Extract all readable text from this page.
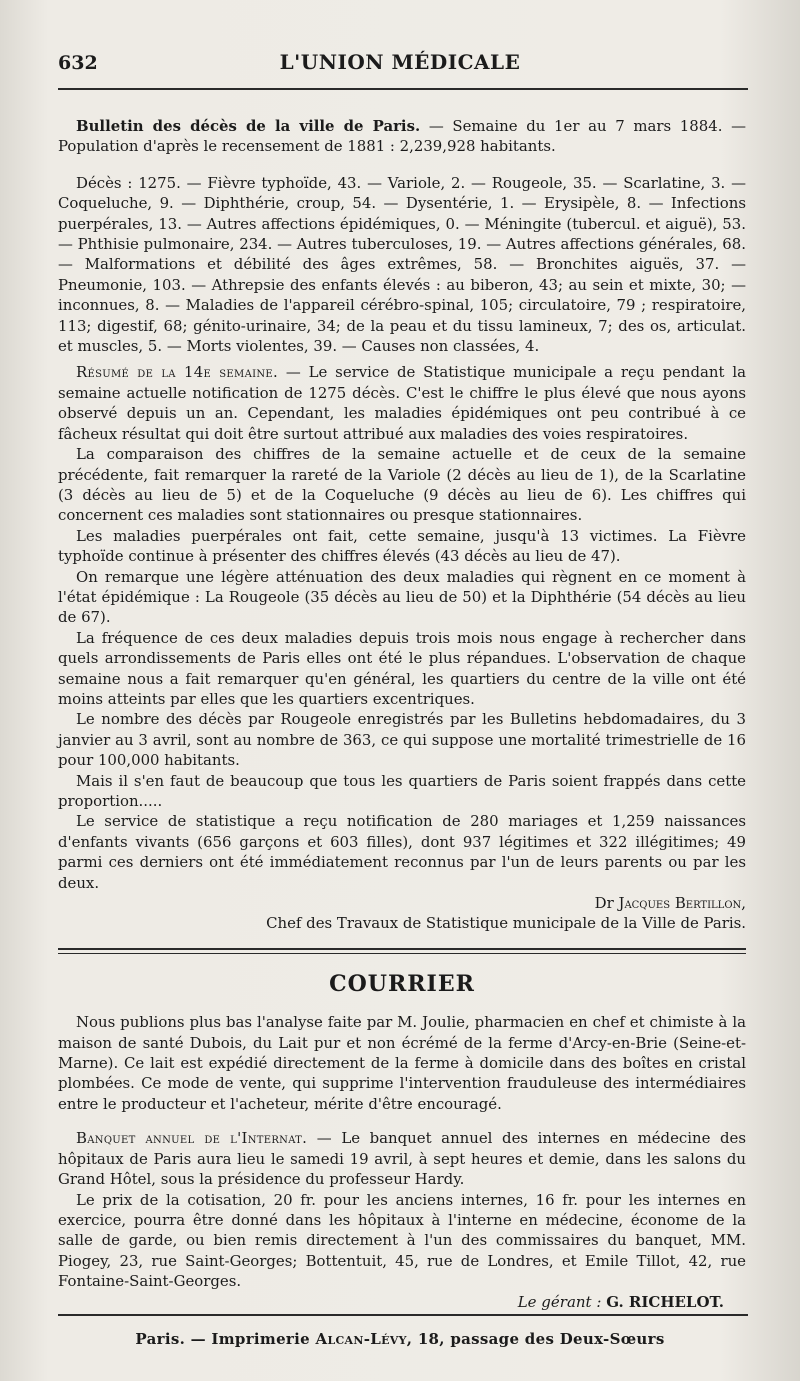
632	L'UNION MÉDICALE

Bulletin des décès de la ville de Paris. — Semaine du 1er au 7 mars 1884. — Population d'après le recensement de 1881 : 2,239,928 habitants.

Décès : 1275. — Fièvre typhoïde, 43. — Variole, 2. — Rougeole, 35. — Scarlatine, 3. — Coqueluche, 9. — Diphthérie, croup, 54. — Dysentérie, 1. — Erysipèle, 8. — Infections puerpérales, 13. — Autres affections épidémiques, 0. — Méningite (tubercul. et aiguë), 53. — Phthisie pulmonaire, 234. — Autres tuberculoses, 19. — Autres affections générales, 68. — Malformations et débilité des âges extrêmes, 58. — Bronchites aiguës, 37. — Pneumonie, 103. — Athrepsie des enfants élevés : au biberon, 43; au sein et mixte, 30; — inconnues, 8. — Maladies de l'appareil cérébro-spinal, 105; circulatoire, 79 ; respiratoire, 113; digestif, 68; génito-urinaire, 34; de la peau et du tissu lamineux, 7; des os, articulat. et muscles, 5. — Morts violentes, 39. — Causes non classées, 4.

Résumé de la 14e semaine. — Le service de Statistique municipale a reçu pendant la semaine actuelle notification de 1275 décès. C'est le chiffre le plus élevé que nous ayons observé depuis un an. Cependant, les maladies épidémiques ont peu contribué à ce fâcheux résultat qui doit être surtout attribué aux maladies des voies respiratoires.

La comparaison des chiffres de la semaine actuelle et de ceux de la semaine précédente, fait remarquer la rareté de la Variole (2 décès au lieu de 1), de la Scarlatine (3 décès au lieu de 5) et de la Coqueluche (9 décès au lieu de 6). Les chiffres qui concernent ces maladies sont stationnaires ou presque stationnaires.

Les maladies puerpérales ont fait, cette semaine, jusqu'à 13 victimes. La Fièvre typhoïde continue à présenter des chiffres élevés (43 décès au lieu de 47).

On remarque une légère atténuation des deux maladies qui règnent en ce moment à l'état épidémique : La Rougeole (35 décès au lieu de 50) et la Diphthérie (54 décès au lieu de 67).

La fréquence de ces deux maladies depuis trois mois nous engage à rechercher dans quels arrondissements de Paris elles ont été le plus répandues. L'observation de chaque semaine nous a fait remarquer qu'en général, les quartiers du centre de la ville ont été moins atteints par elles que les quartiers excentriques.

Le nombre des décès par Rougeole enregistrés par les Bulletins hebdomadaires, du 3 janvier au 3 avril, sont au nombre de 363, ce qui suppose une mortalité trimestrielle de 16 pour 100,000 habitants.

Mais il s'en faut de beaucoup que tous les quartiers de Paris soient frappés dans cette proportion.....

Le service de statistique a reçu notification de 280 mariages et 1,259 naissances d'enfants vivants (656 garçons et 603 filles), dont 937 légitimes et 322 illégitimes; 49 parmi ces derniers ont été immédiatement reconnus par l'un de leurs parents ou par les deux.

Dr Jacques Bertillon,
Chef des Travaux de Statistique municipale de la Ville de Paris.

COURRIER

Nous publions plus bas l'analyse faite par M. Joulie, pharmacien en chef et chimiste à la maison de santé Dubois, du Lait pur et non écrémé de la ferme d'Arcy-en-Brie (Seine-et-Marne). Ce lait est expédié directement de la ferme à domicile dans des boîtes en cristal plombées. Ce mode de vente, qui supprime l'intervention frauduleuse des intermédiaires entre le producteur et l'acheteur, mérite d'être encouragé.

Banquet annuel de l'Internat. — Le banquet annuel des internes en médecine des hôpitaux de Paris aura lieu le samedi 19 avril, à sept heures et demie, dans les salons du Grand Hôtel, sous la présidence du professeur Hardy.

Le prix de la cotisation, 20 fr. pour les anciens internes, 16 fr. pour les internes en exercice, pourra être donné dans les hôpitaux à l'interne en médecine, économe de la salle de garde, ou bien remis directement à l'un des commissaires du banquet, MM. Piogey, 23, rue Saint-Georges; Bottentuit, 45, rue de Londres, et Emile Tillot, 42, rue Fontaine-Saint-Georges.

Le gérant : G. RICHELOT.

Paris. — Imprimerie Alcan-Lévy, 18, passage des Deux-Sœurs
